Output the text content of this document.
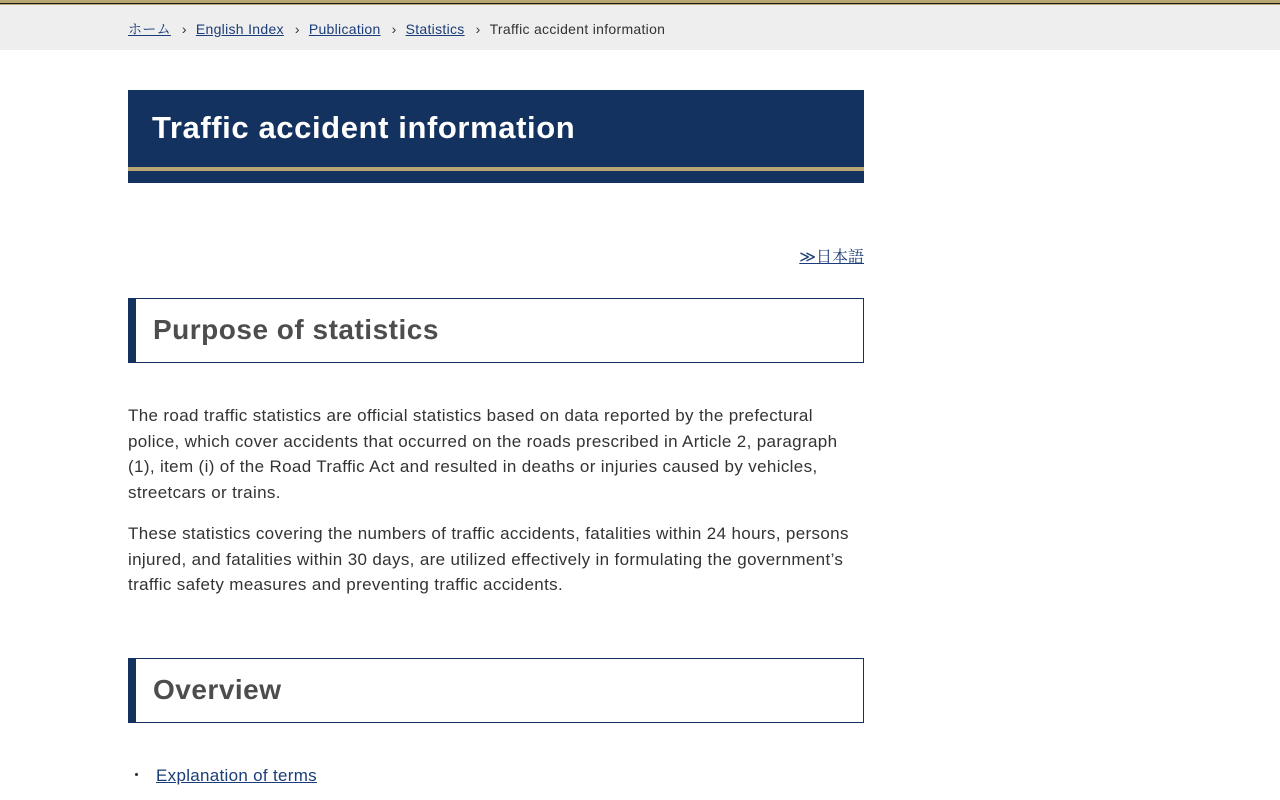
ホーム › English Index › Publication › Statistics › Traffic accident information
Traffic accident information
≫日本語
Purpose of statistics

The road traffic statistics are official statistics based on data reported by the prefectural police, which cover accidents that occurred on the roads prescribed in Article 2, paragraph (1), item (i) of the Road Traffic Act and resulted in deaths or injuries caused by vehicles, streetcars or trains.

These statistics covering the numbers of traffic accidents, fatalities within 24 hours, persons injured, and fatalities within 30 days, are utilized effectively in formulating the government’s traffic safety measures and preventing traffic accidents.

Overview
・ Explanation of terms
